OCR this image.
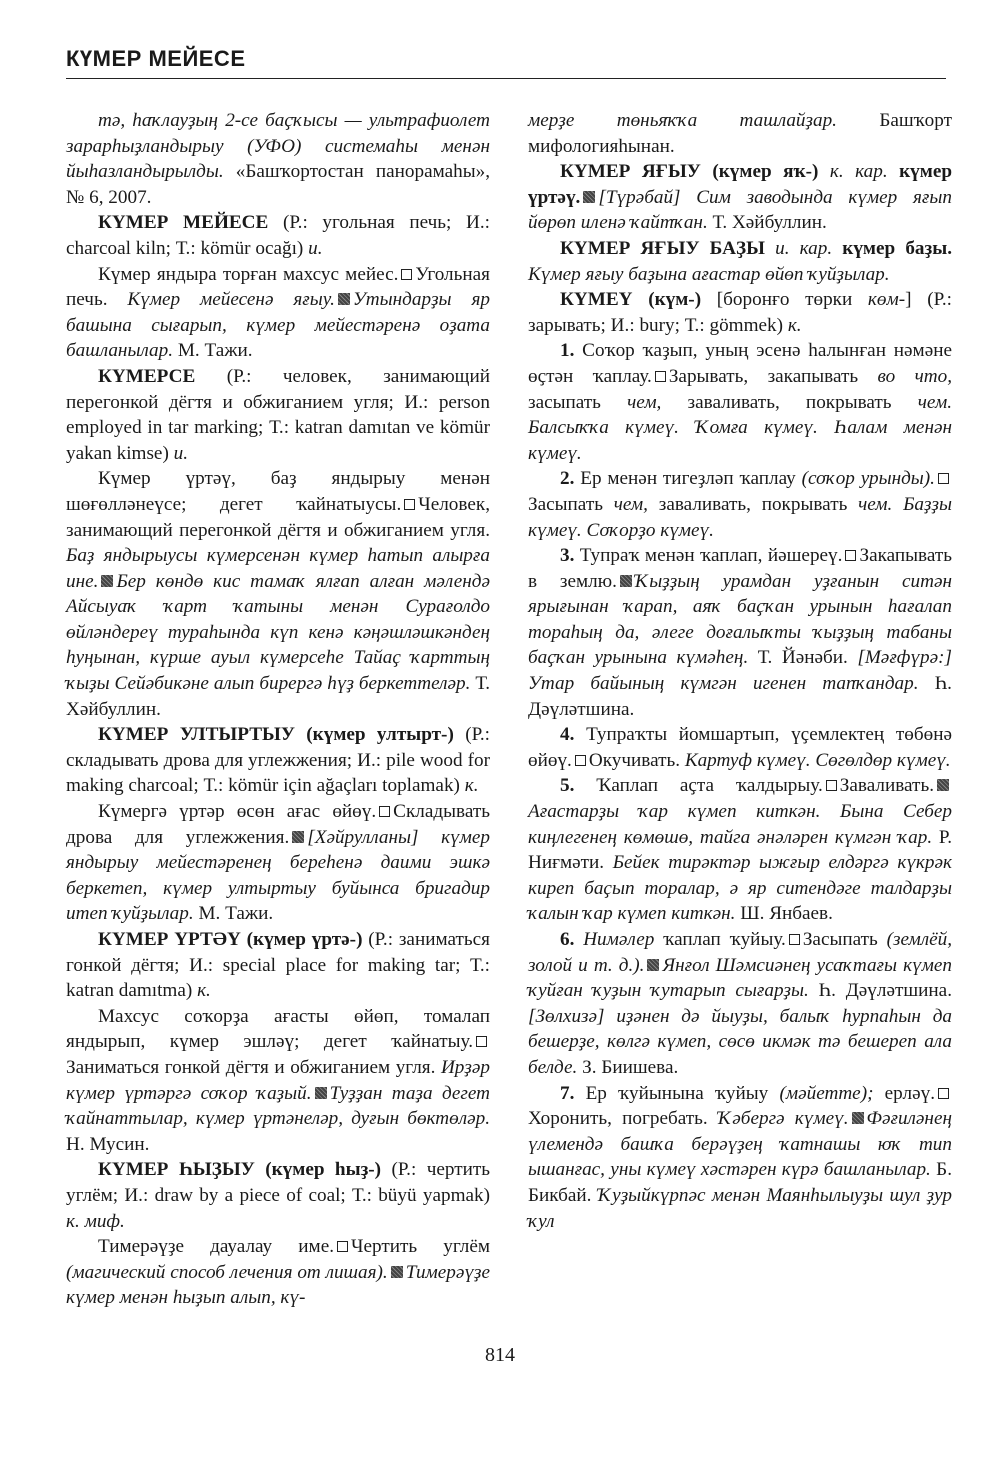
КҮМЕР МЕЙЕСЕ

тә, һаҡлауҙың 2-се баҫҡысы — ультрафиолет зарарһыҙландырыу (УФО) системаһы менән йыһазландырылды. «Башҡортостан панорамаһы», № 6, 2007.

КҮМЕР МЕЙЕСЕ (Р.: угольная печь; И.: charcoal kiln; Т.: kömür ocağı) и.

Күмер яндыра торған махсус мейес. Угольная печь. Күмер мейесенә яғыу. Утындарҙы яр башына сығарып, күмер мейестәренә оҙата башланылар. М. Тажи.

КҮМЕРСЕ (Р.: человек, занимающий перегонкой дёгтя и обжиганием угля; И.: person employed in tar marking; Т.: katran damıtan ve kömür yakan kimse) и.

Күмер үртәү, баҙ яндырыу менән шөғөлләнеүсе; дегет ҡайнатыусы. Человек, занимающий перегонкой дёгтя и обжиганием угля. Баҙ яндырыусы күмерсенән күмер һатып алырға ине. Бер көндө кис тамаҡ ялғап алған мәлендә Айсыуаҡ ҡарт ҡатыны менән Сурағолдо өйләндереү тураһында күп кенә кәңәшләшкәндең һуңынан, күрше ауыл күмерсеһе Тайаҫ ҡарттың ҡыҙы Сейәбикәне алып бирергә һүҙ беркеттеләр. Т. Хәйбуллин.

КҮМЕР УЛТЫРТЫУ (күмер ултырт-) (Р.: складывать дрова для углежжения; И.: pile wood for making charcoal; Т.: kömür için ağaçları toplamak) к.

Күмергә үртәр өсөн ағас өйөү. Складывать дрова для углежжения. [Хәйрулланы] күмер яндырыу мейестәренең береһенә даими эшкә беркетеп, күмер ултыртыу буйынса бригадир итеп ҡуйҙылар. М. Тажи.

КҮМЕР ҮРТӘҮ (күмер үртә-) (Р.: заниматься гонкой дёгтя; И.: special place for making tar; Т.: katran damıtma) к.

Махсус соҡорҙа ағасты өйөп, томалап яндырып, күмер эшләү; дегет ҡайнатыу.Заниматься гонкой дёгтя и обжиганием угля. Ирҙәр күмер үртәргә соҡор ҡаҙый. Туҙҙан таҙа дегет ҡайнаттылар, күмер үртәнеләр, дуғын бөктөләр. Н. Мусин.

КҮМЕР ҺЫҘЫУ (күмер һыҙ-) (Р.: чертить углём; И.: draw by a piece of coal; Т.: büyü yapmak) к. миф.

Тимерәүҙе дауалау име. Чертить углём (магический способ лечения от лишая). Тимерәүҙе күмер менән һыҙып алып, кү-

мерҙе төньяҡҡа ташлайҙар. Башҡорт мифологияһынан.

КҮМЕР ЯҒЫУ (күмер яҡ-) к. кар. күмер үртәү. [Түрәбай] Сим заводында күмер яғып йөрөп иленә ҡайтҡан. Т. Хәйбуллин.

КҮМЕР ЯҒЫУ БАҘЫ и. кар. күмер баҙы. Күмер яғыу баҙына ағастар өйөп ҡуйҙылар.

КҮМЕҮ (күм-) [боронғо төрки көм-] (Р.: зарывать; И.: bury; Т.: gömmek) к.

1. Соҡор ҡаҙып, уның эсенә һалынған нәмәне өҫтән ҡаплау. Зарывать, закапывать во что, засыпать чем, заваливать, покрывать чем. Балсыҡҡа күмеү. Ҡомға күмеү. Һалам менән күмеү.

2. Ер менән тигеҙләп ҡаплау (соҡор урынды).Засыпать чем, заваливать, покрывать чем. Баҙҙы күмеү. Соҡорҙо күмеү.

3. Тупраҡ менән ҡаплап, йәшереү. Закапывать в землю. Ҡыҙҙың урамдан уҙғанын ситән ярығынан ҡарап, аяҡ баҫҡан урынын һағалап тораһың да, әлеге доғалыҡты ҡыҙҙың табаны баҫҡан урынына күмәһең. Т. Йәнәби. [Мәғфүрә:] Утар байының күмгән игенен тапҡандар. Һ. Дәүләтшина.

4. Тупраҡты йомшартып, үҫемлектең төбөнә өйөү. Окучивать. Картуф күмеү. Сөгөлдөр күмеү.

5. Ҡаплап аҫта ҡалдырыу. Заваливать.Ағастарҙы ҡар күмеп киткән. Бына Себер киңлегенең көмөшө, тайга әнәләрен күмгән ҡар. Р. Ниғмәти. Бейек тирәктәр ыжғыр елдәргә күкрәк киреп баҫып торалар, ә яр ситендәге талдарҙы ҡалын ҡар күмеп киткән. Ш. Янбаев.

6. Нимәлер ҡаплап ҡуйыу. Засыпать (землёй, золой и т. д.). Янғол Шәмсиәнең усаҡтағы күмеп ҡуйған ҡуҙын ҡутарып сығарҙы. Һ. Дәүләтшина. [Зөлхизә] иҙәнен дә йыуҙы, балыҡ һурпаһын да бешерҙе, көлгә күмеп, сөсө икмәк тә бешереп ала белде. З. Биишева.

7. Ер ҡуйынына ҡуйыу (мәйетте); ерләү.Хоронить, погребать. Ҡәбергә күмеү. Фәғиләнең үлемендә башҡа берәүҙең ҡатнашы юҡ тип ышанғас, уны күмеү хәстәрен күрә башланылар. Б. Бикбай. Ҡуҙыйкүрпәс менән Маянһылыуҙы шул ҙур ҡул

814
